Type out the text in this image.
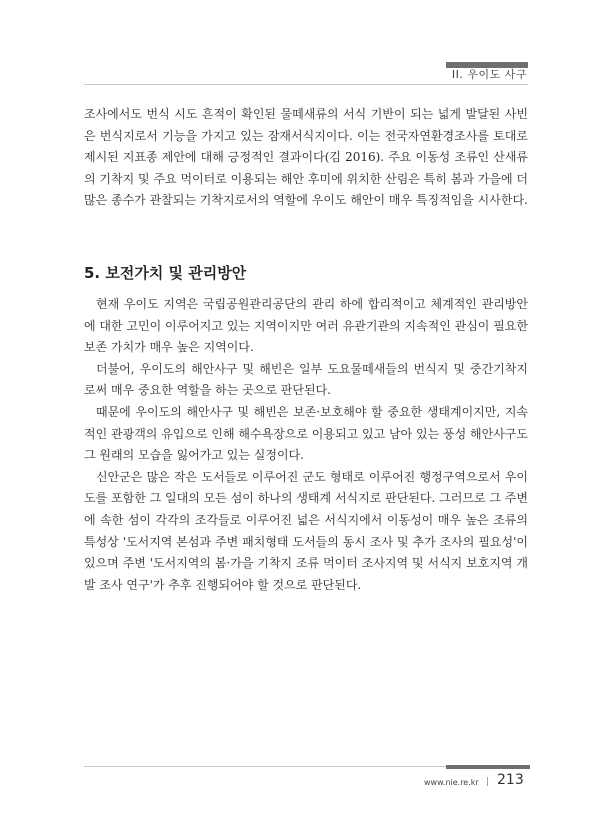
II. 우이도 사구

조사에서도 번식 시도 흔적이 확인된 물떼새류의 서식 기반이 되는 넓게 발달된 사빈은 번식지로서 기능을 가지고 있는 잠재서식지이다. 이는 전국자연환경조사를 토대로 제시된 지표종 제안에 대해 긍정적인 결과이다(김 2016). 주요 이동성 조류인 산새류의 기착지 및 주요 먹이터로 이용되는 해안 후미에 위치한 산림은 특히 봄과 가을에 더 많은 종수가 관찰되는 기착지로서의 역할에 우이도 해안이 매우 특징적임을 시사한다.

5. 보전가치 및 관리방안

현재 우이도 지역은 국립공원관리공단의 관리 하에 합리적이고 체계적인 관리방안에 대한 고민이 이루어지고 있는 지역이지만 여러 유관기관의 지속적인 관심이 필요한 보존 가치가 매우 높은 지역이다.

더불어, 우이도의 해안사구 및 해빈은 일부 도요물떼새들의 번식지 및 중간기착지로써 매우 중요한 역할을 하는 곳으로 판단된다.

때문에 우이도의 해안사구 및 해빈은 보존·보호해야 할 중요한 생태계이지만, 지속적인 관광객의 유입으로 인해 해수욕장으로 이용되고 있고 남아 있는 풍성 해안사구도 그 원래의 모습을 잃어가고 있는 실정이다.

신안군은 많은 작은 도서들로 이루어진 군도 형태로 이루어진 행정구역으로서 우이도를 포함한 그 일대의 모든 섬이 하나의 생태계 서식지로 판단된다. 그러므로 그 주변에 속한 섬이 각각의 조각들로 이루어진 넓은 서식지에서 이동성이 매우 높은 조류의 특성상 '도서지역 본섬과 주변 패치형태 도서들의 동시 조사 및 추가 조사의 필요성'이 있으며 주변 '도서지역의 봄·가을 기착지 조류 먹이터 조사지역 및 서식지 보호지역 개발 조사 연구'가 추후 진행되어야 할 것으로 판단된다.

www.nie.re.kr | 213
